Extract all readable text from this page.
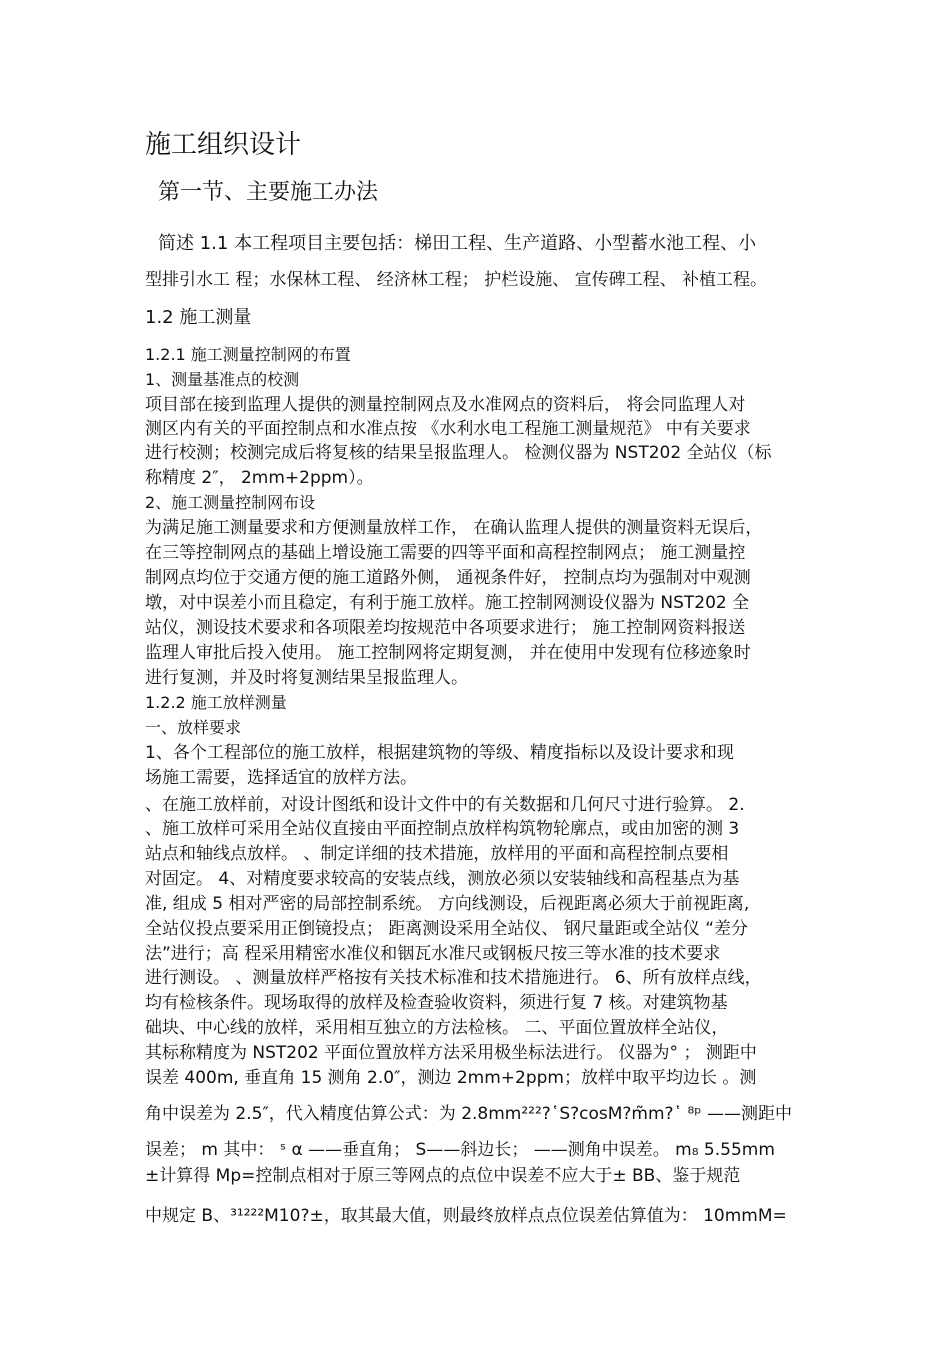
施工组织设计
第一节、主要施工办法
简述 1.1 本工程项目主要包括：梯田工程、生产道路、小型蓄水池工程、小
型排引水工 程；水保林工程、 经济林工程； 护栏设施、 宣传碑工程、 补植工程。
1.2 施工测量
1.2.1 施工测量控制网的布置
1、测量基准点的校测
项目部在接到监理人提供的测量控制网点及水准网点的资料后， 将会同监理人对
测区内有关的平面控制点和水准点按 《水利水电工程施工测量规范》 中有关要求
进行校测；校测完成后将复核的结果呈报监理人。 检测仪器为 NST202 全站仪（标
称精度 2″， 2mm+2ppm）。
2、施工测量控制网布设
为满足施工测量要求和方便测量放样工作， 在确认监理人提供的测量资料无误后，
在三等控制网点的基础上增设施工需要的四等平面和高程控制网点； 施工测量控
制网点均位于交通方便的施工道路外侧， 通视条件好， 控制点均为强制对中观测
墩，对中误差小而且稳定，有利于施工放样。施工控制网测设仪器为 NST202 全
站仪，测设技术要求和各项限差均按规范中各项要求进行； 施工控制网资料报送
监理人审批后投入使用。 施工控制网将定期复测， 并在使用中发现有位移迹象时
进行复测，并及时将复测结果呈报监理人。
1.2.2 施工放样测量
一、放样要求
1、各个工程部位的施工放样，根据建筑物的等级、精度指标以及设计要求和现
场施工需要，选择适宜的放样方法。
、在施工放样前，对设计图纸和设计文件中的有关数据和几何尺寸进行验算。 2.
、施工放样可采用全站仪直接由平面控制点放样构筑物轮廓点，或由加密的测 3
站点和轴线点放样。 、制定详细的技术措施，放样用的平面和高程控制点要相
对固定。 4、对精度要求较高的安装点线，测放必须以安装轴线和高程基点为基
准, 组成 5 相对严密的局部控制系统。 方向线测设，后视距离必须大于前视距离,
全站仪投点要采用正倒镜投点； 距离测设采用全站仪、 钢尺量距或全站仪 “差分
法”进行；高 程采用精密水准仪和铟瓦水准尺或钢板尺按三等水准的技术要求
进行测设。 、测量放样严格按有关技术标准和技术措施进行。 6、所有放样点线，
均有检核条件。现场取得的放样及检查验收资料，须进行复 7 核。对建筑物基
础块、中心线的放样，采用相互独立的方法检核。 二、平面位置放样全站仪，
其标称精度为 NST202 平面位置放样方法采用极坐标法进行。 仪器为° ； 测距中
误差 400m, 垂直角 15 测角 2.0″，测边 2mm+2ppm；放样中取平均边长 。测
角中误差为 2.5″，代入精度估算公式：为 2.8mm²²²?῾S?cosM?m̃m?῾ ⁸ᵖ ——测距中
误差； m 其中： ˢ α ——垂直角； S——斜边长； ——测角中误差。 m₈ 5.55mm
±计算得 Mp=控制点相对于原三等网点的点位中误差不应大于± BB、鉴于规范
中规定 B、³¹²²²M10?±，取其最大值，则最终放样点点位误差估算值为： 10mmM=
